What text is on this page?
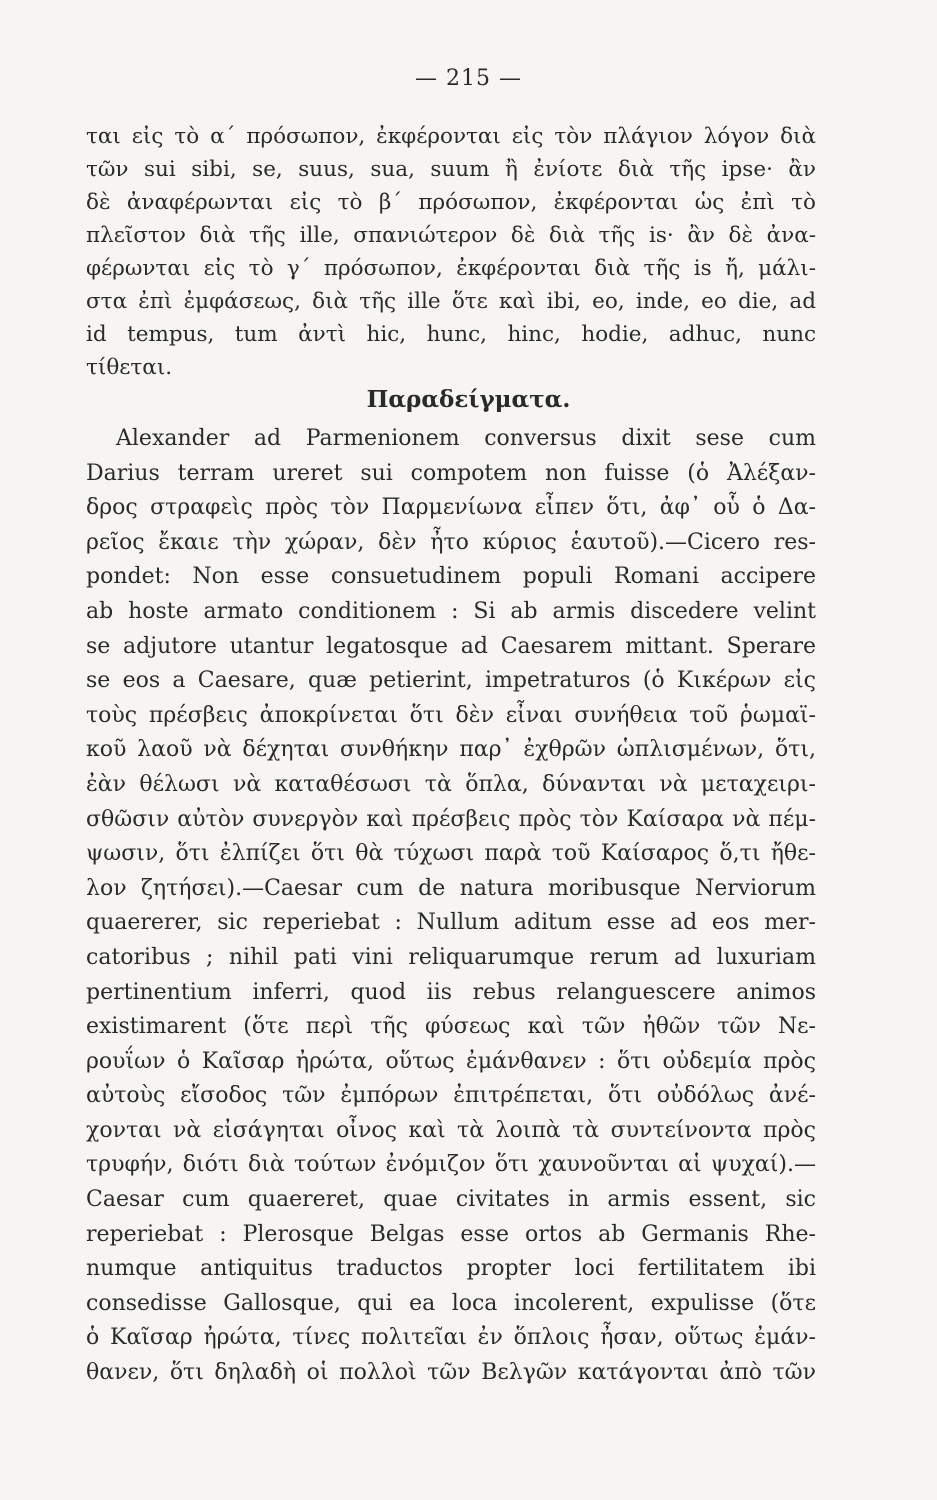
— 215 —
ται εἰς τὸ α΄ πρόσωπον, ἐκφέρονται εἰς τὸν πλάγιον λόγον διὰ
τῶν sui sibi, se, suus, sua, suum ἢ ἐνίοτε διὰ τῆς ipse· ἂν
δὲ ἀναφέρωνται εἰς τὸ β΄ πρόσωπον, ἐκφέρονται ὡς ἐπὶ τὸ
πλεῖστον διὰ τῆς ille, σπανιώτερον δὲ διὰ τῆς is· ἂν δὲ ἀνα-
φέρωνται εἰς τὸ γ΄ πρόσωπον, ἐκφέρονται διὰ τῆς is ἤ, μάλι-
στα ἐπὶ ἐμφάσεως, διὰ τῆς ille ὅτε καὶ ibi, eo, inde, eo die, ad
id tempus, tum ἀντὶ hic, hunc, hinc, hodie, adhuc, nunc
τίθεται.
Παραδείγματα.
Alexander ad Parmenionem conversus dixit sese cum
Darius terram ureret sui compotem non fuisse (ὁ Ἀλέξαν-
δρος στραφεὶς πρὸς τὸν Παρμενίωνα εἶπεν ὅτι, ἀφ᾽ οὗ ὁ Δα-
ρεῖος ἔκαιε τὴν χώραν, δὲν ἦτο κύριος ἑαυτοῦ).—Cicero res-
pondet: Non esse consuetudinem populi Romani accipere
ab hoste armato conditionem : Si ab armis discedere velint
se adjutore utantur legatosque ad Caesarem mittant. Sperare
se eos a Caesare, quæ petierint, impetraturos (ὁ Κικέρων εἰς
τοὺς πρέσβεις ἀποκρίνεται ὅτι δὲν εἶναι συνήθεια τοῦ ῥωμαϊ-
κοῦ λαοῦ νὰ δέχηται συνθήκην παρ᾽ ἐχθρῶν ὡπλισμένων, ὅτι,
ἐὰν θέλωσι νὰ καταθέσωσι τὰ ὅπλα, δύνανται νὰ μεταχειρι-
σθῶσιν αὐτὸν συνεργὸν καὶ πρέσβεις πρὸς τὸν Καίσαρα νὰ πέμ-
ψωσιν, ὅτι ἐλπίζει ὅτι θὰ τύχωσι παρὰ τοῦ Καίσαρος ὅ,τι ἤθε-
λον ζητήσει).—Caesar cum de natura moribusque Nerviorum
quaererer, sic reperiebat : Nullum aditum esse ad eos mer-
catoribus ; nihil pati vini reliquarumque rerum ad luxuriam
pertinentium inferri, quod iis rebus relanguescere animos
existimarent (ὅτε περὶ τῆς φύσεως καὶ τῶν ἠθῶν τῶν Νε-
ρουΐων ὁ Καῖσαρ ἠρώτα, οὕτως ἐμάνθανεν : ὅτι οὐδεμία πρὸς
αὐτοὺς εἴσοδος τῶν ἐμπόρων ἐπιτρέπεται, ὅτι οὐδόλως ἀνέ-
χονται νὰ εἰσάγηται οἶνος καὶ τὰ λοιπὰ τὰ συντείνοντα πρὸς
τρυφήν, διότι διὰ τούτων ἐνόμιζον ὅτι χαυνοῦνται αἱ ψυχαί).—
Caesar cum quaereret, quae civitates in armis essent, sic
reperiebat : Plerosque Belgas esse ortos ab Germanis Rhe-
numque antiquitus traductos propter loci fertilitatem ibi
consedisse Gallosque, qui ea loca incolerent, expulisse (ὅτε
ὁ Καῖσαρ ἠρώτα, τίνες πολιτεῖαι ἐν ὅπλοις ἦσαν, οὕτως ἐμάν-
θανεν, ὅτι δηλαδὴ οἱ πολλοὶ τῶν Βελγῶν κατάγονται ἀπὸ τῶν
